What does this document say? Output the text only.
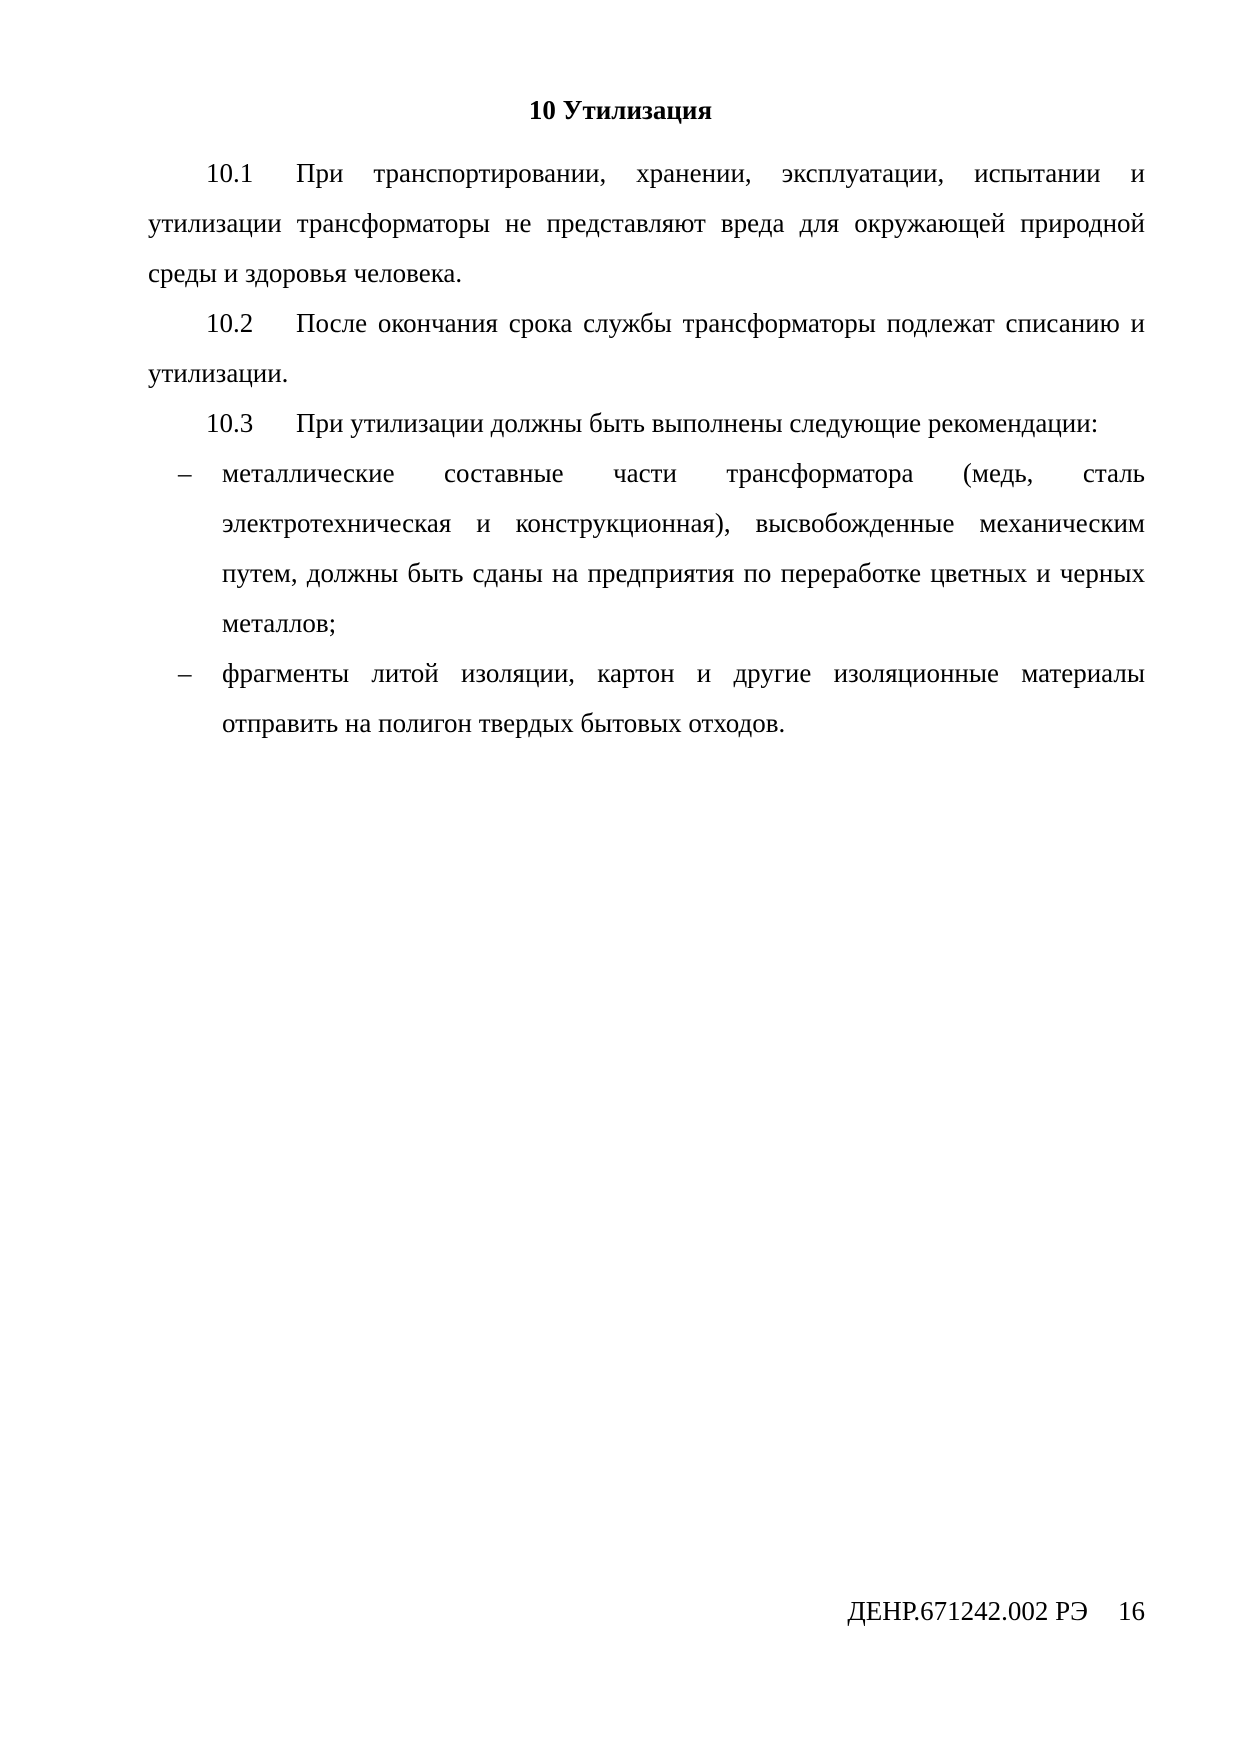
10 Утилизация

10.1 При транспортировании, хранении, эксплуатации, испытании и утилизации трансформаторы не представляют вреда для окружающей природной среды и здоровья человека.

10.2 После окончания срока службы трансформаторы подлежат списанию и утилизации.

10.3 При утилизации должны быть выполнены следующие рекомендации:

– металлические составные части трансформатора (медь, сталь электротехническая и конструкционная), высвобожденные механическим путем, должны быть сданы на предприятия по переработке цветных и черных металлов;
– фрагменты литой изоляции, картон и другие изоляционные материалы отправить на полигон твердых бытовых отходов.
ДЕНР.671242.002 РЭ 16
